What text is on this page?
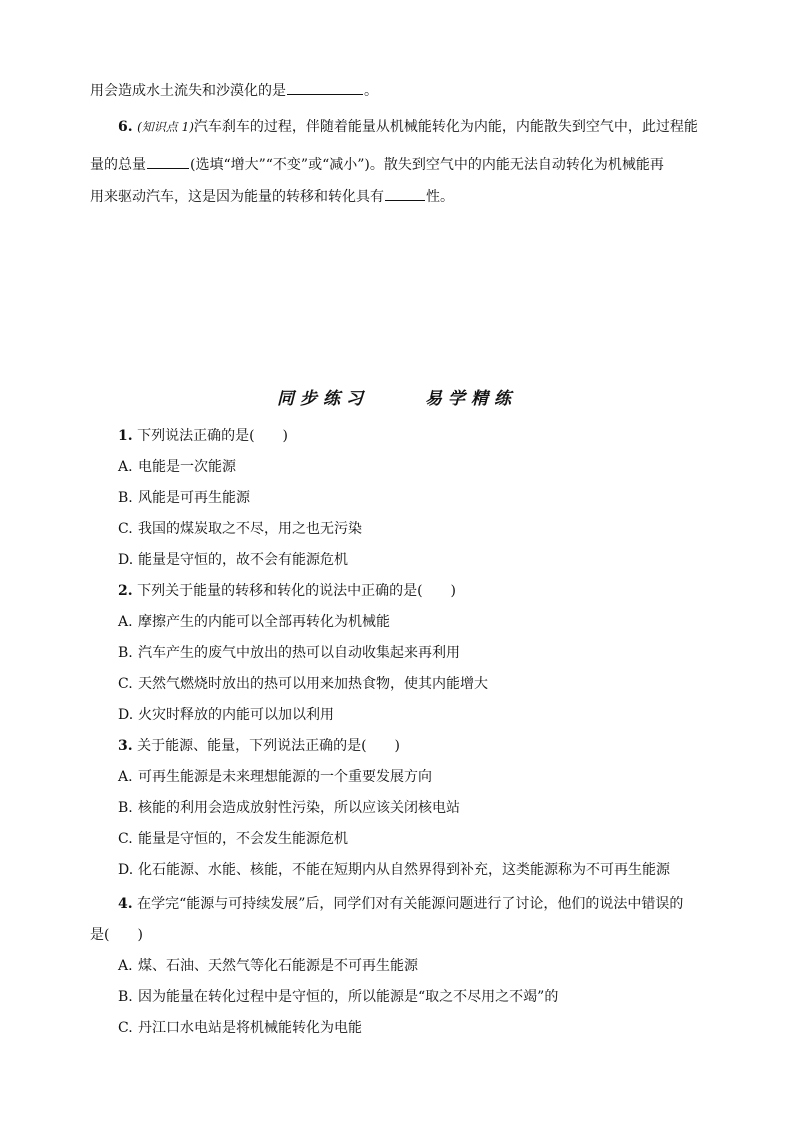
用会造成水土流失和沙漠化的是	。
6. (知识点 1)汽车刹车的过程，伴随着能量从机械能转化为内能，内能散失到空气中，此过程能
量的总量	(选填“增大”“不变”或“减小”)。散失到空气中的内能无法自动转化为机械能再
用来驱动汽车，这是因为能量的转移和转化具有	性。
同步练习	易学精练
1. 下列说法正确的是(　　)
A. 电能是一次能源
B. 风能是可再生能源
C. 我国的煤炭取之不尽，用之也无污染
D. 能量是守恒的，故不会有能源危机
2. 下列关于能量的转移和转化的说法中正确的是(　　)
A. 摩擦产生的内能可以全部再转化为机械能
B. 汽车产生的废气中放出的热可以自动收集起来再利用
C. 天然气燃烧时放出的热可以用来加热食物，使其内能增大
D. 火灾时释放的内能可以加以利用
3. 关于能源、能量，下列说法正确的是(　　)
A. 可再生能源是未来理想能源的一个重要发展方向
B. 核能的利用会造成放射性污染，所以应该关闭核电站
C. 能量是守恒的，不会发生能源危机
D. 化石能源、水能、核能，不能在短期内从自然界得到补充，这类能源称为不可再生能源
4. 在学完“能源与可持续发展”后，同学们对有关能源问题进行了讨论，他们的说法中错误的
是(　　)
A. 煤、石油、天然气等化石能源是不可再生能源
B. 因为能量在转化过程中是守恒的，所以能源是“取之不尽用之不竭”的
C. 丹江口水电站是将机械能转化为电能
